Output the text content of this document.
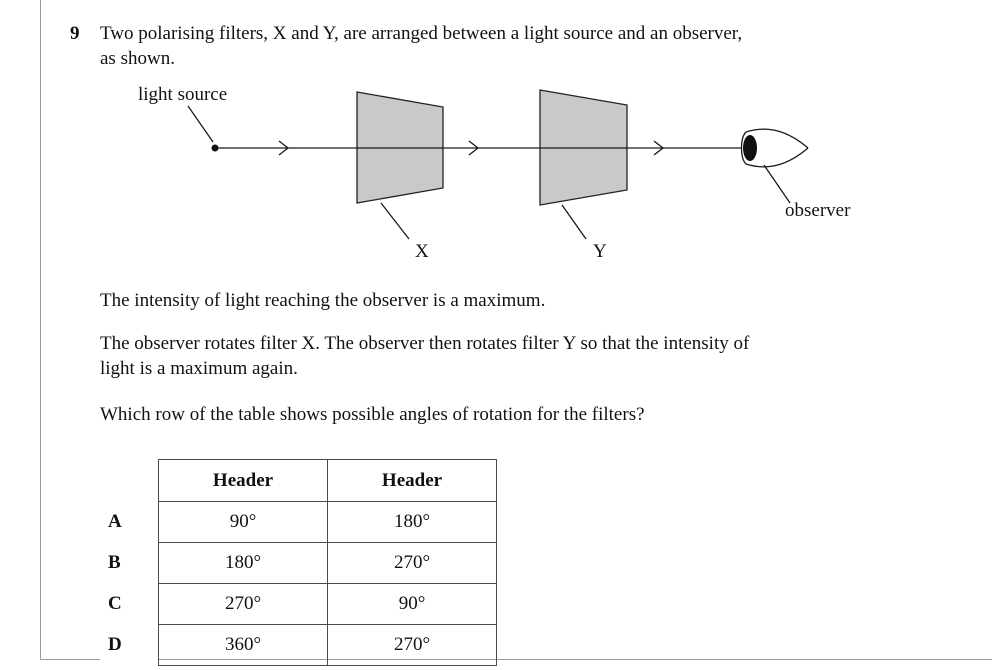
9	Two polarising filters, X and Y, are arranged between a light source and an observer,
as shown.
light source
observer
X	Y

The intensity of light reaching the observer is a maximum.

The observer rotates filter X. The observer then rotates filter Y so that the intensity of
light is a maximum again.

Which row of the table shows possible angles of rotation for the filters?

	Header	Header
A	90°	180°
B	180°	270°
C	270°	90°
D	360°	270°
